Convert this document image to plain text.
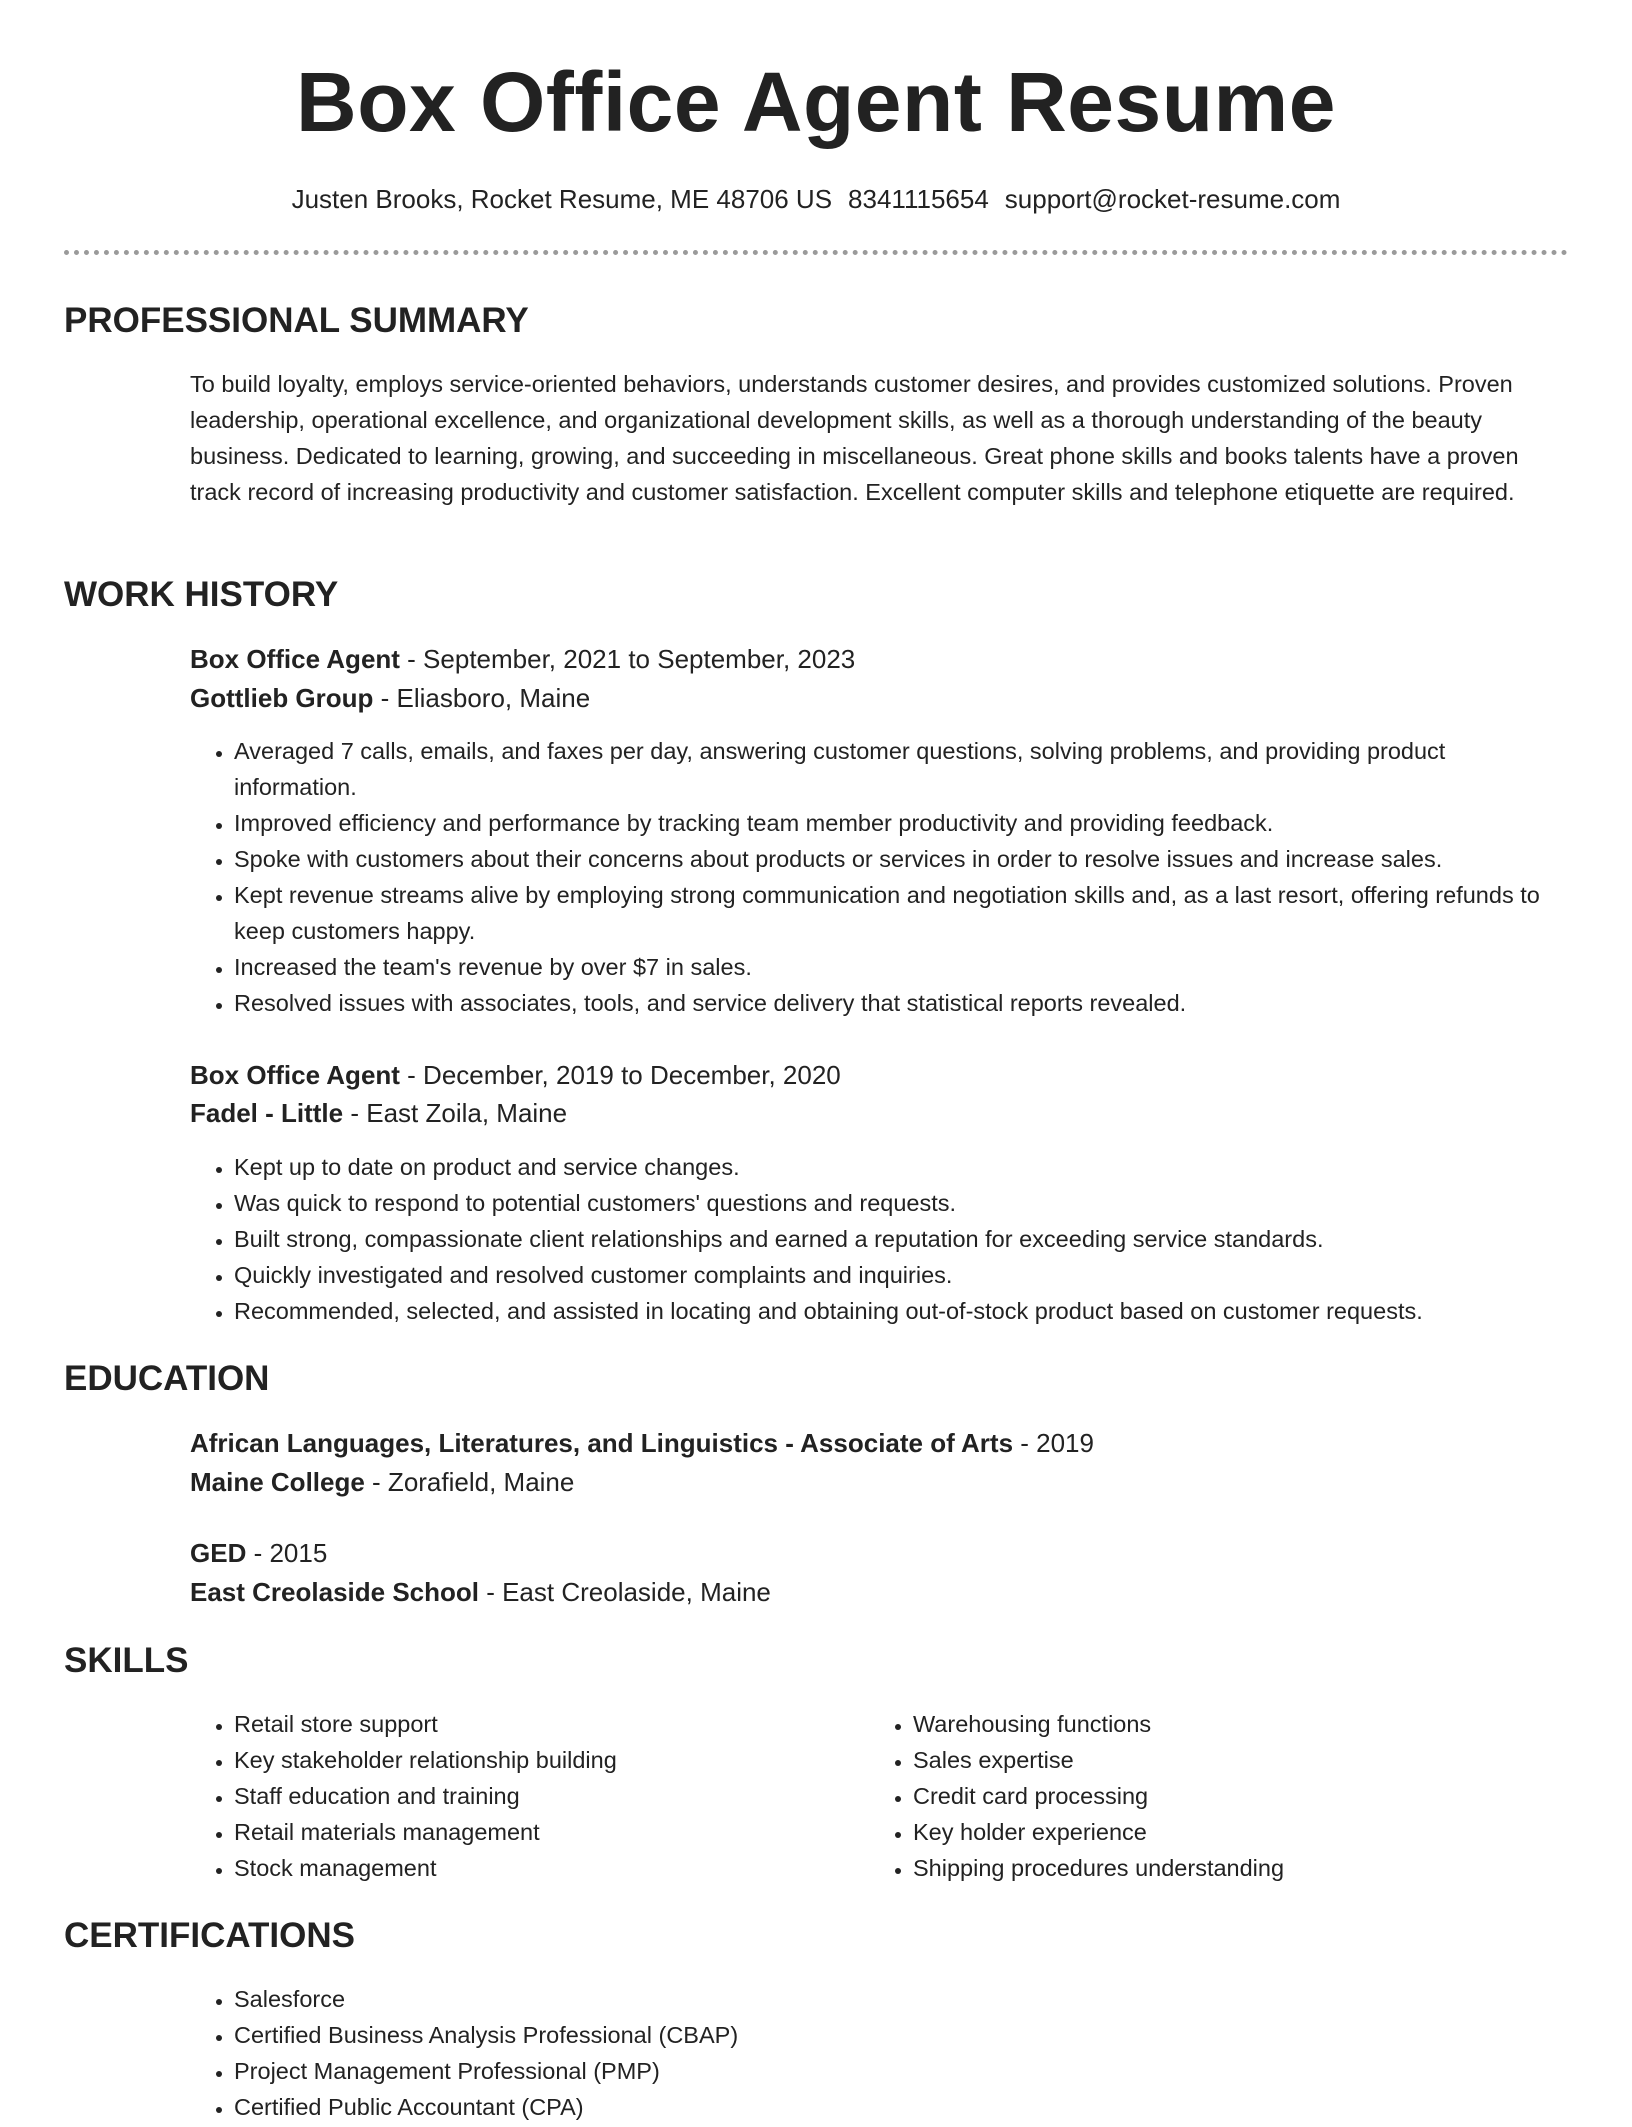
Box Office Agent Resume
Justen Brooks, Rocket Resume, ME 48706 US 8341115654 support@rocket-resume.com
PROFESSIONAL SUMMARY

To build loyalty, employs service-oriented behaviors, understands customer desires, and provides customized solutions. Proven leadership, operational excellence, and organizational development skills, as well as a thorough understanding of the beauty business. Dedicated to learning, growing, and succeeding in miscellaneous. Great phone skills and books talents have a proven track record of increasing productivity and customer satisfaction. Excellent computer skills and telephone etiquette are required.

WORK HISTORY
Box Office Agent - September, 2021 to September, 2023
Gottlieb Group - Eliasboro, Maine
• Averaged 7 calls, emails, and faxes per day, answering customer questions, solving problems, and providing product information.
• Improved efficiency and performance by tracking team member productivity and providing feedback.
• Spoke with customers about their concerns about products or services in order to resolve issues and increase sales.
• Kept revenue streams alive by employing strong communication and negotiation skills and, as a last resort, offering refunds to keep customers happy.
• Increased the team's revenue by over $7 in sales.
• Resolved issues with associates, tools, and service delivery that statistical reports revealed.
Box Office Agent - December, 2019 to December, 2020
Fadel - Little - East Zoila, Maine
• Kept up to date on product and service changes.
• Was quick to respond to potential customers' questions and requests.
• Built strong, compassionate client relationships and earned a reputation for exceeding service standards.
• Quickly investigated and resolved customer complaints and inquiries.
• Recommended, selected, and assisted in locating and obtaining out-of-stock product based on customer requests.
EDUCATION
African Languages, Literatures, and Linguistics - Associate of Arts - 2019
Maine College - Zorafield, Maine
GED - 2015
East Creolaside School - East Creolaside, Maine
SKILLS
• Retail store support
• Key stakeholder relationship building
• Staff education and training
• Retail materials management
• Stock management
• Warehousing functions
• Sales expertise
• Credit card processing
• Key holder experience
• Shipping procedures understanding
CERTIFICATIONS
• Salesforce
• Certified Business Analysis Professional (CBAP)
• Project Management Professional (PMP)
• Certified Public Accountant (CPA)
